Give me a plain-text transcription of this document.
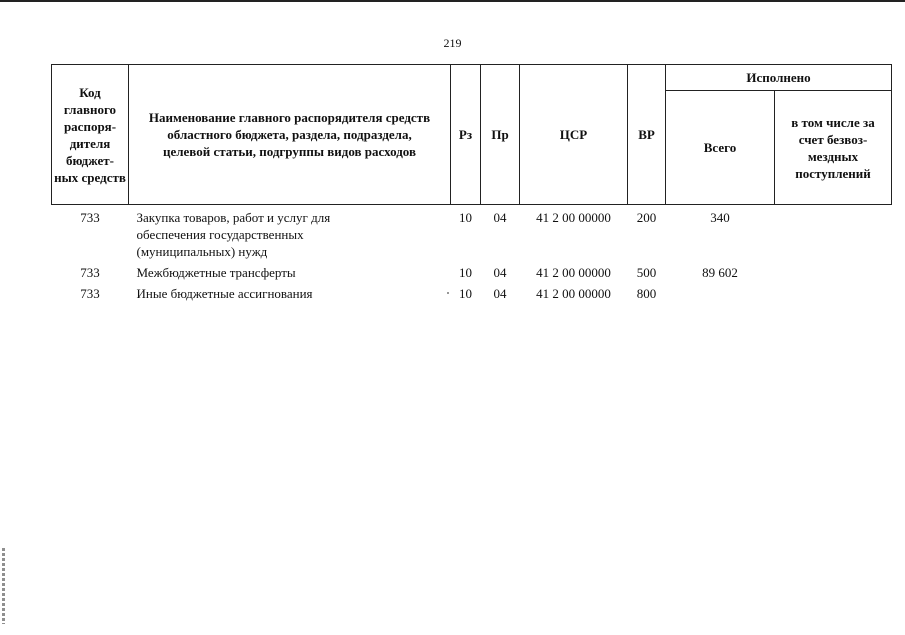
219
Код главного распоря-дителя бюджет-ных средств	Наименование главного распорядителя средств областного бюджета, раздела, подраздела, целевой статьи, подгруппы видов расходов	Рз	Пр	ЦСР	ВР	Исполнено	
						Всего	в том числе за счет безвоз-мездных поступлений

733	Закупка товаров, работ и услуг для обеспечения государственных (муниципальных) нужд	10	04	41 2 00 00000	200	340	
733	Межбюджетные трансферты	10	04	41 2 00 00000	500	89 602	
733	Иные бюджетные ассигнования	10	04	41 2 00 00000	800		
